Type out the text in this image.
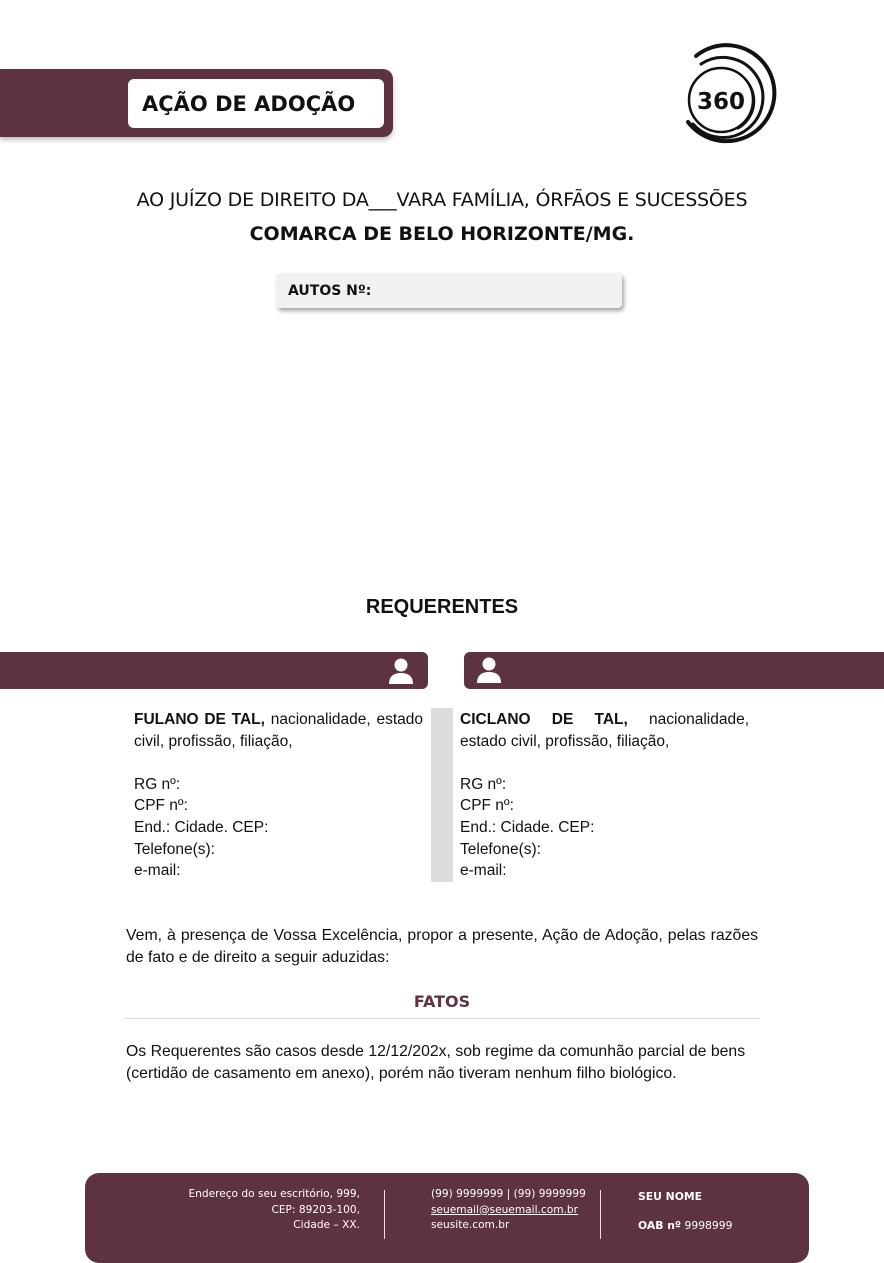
AÇÃO DE ADOÇÃO	360
AO JUÍZO DE DIREITO DA___VARA FAMÍLIA, ÓRFÃOS E SUCESSÕES
COMARCA DE BELO HORIZONTE/MG.
AUTOS Nº:
REQUERENTES
FULANO DE TAL, nacionalidade, estado civil, profissão, filiação,
RG nº:
CPF nº:
End.: Cidade. CEP:
Telefone(s):
e-mail:
CICLANO DE TAL, nacionalidade, estado civil, profissão, filiação,
RG nº:
CPF nº:
End.: Cidade. CEP:
Telefone(s):
e-mail:
Vem, à presença de Vossa Excelência, propor a presente, Ação de Adoção, pelas razões de fato e de direito a seguir aduzidas:
FATOS
Os Requerentes são casos desde 12/12/202x, sob regime da comunhão parcial de bens (certidão de casamento em anexo), porém não tiveram nenhum filho biológico.
Endereço do seu escritório, 999,
CEP: 89203-100,
Cidade – XX.
(99) 9999999 | (99) 9999999
seuemail@seuemail.com.br
seusite.com.br
SEU NOME
OAB nº 9998999
